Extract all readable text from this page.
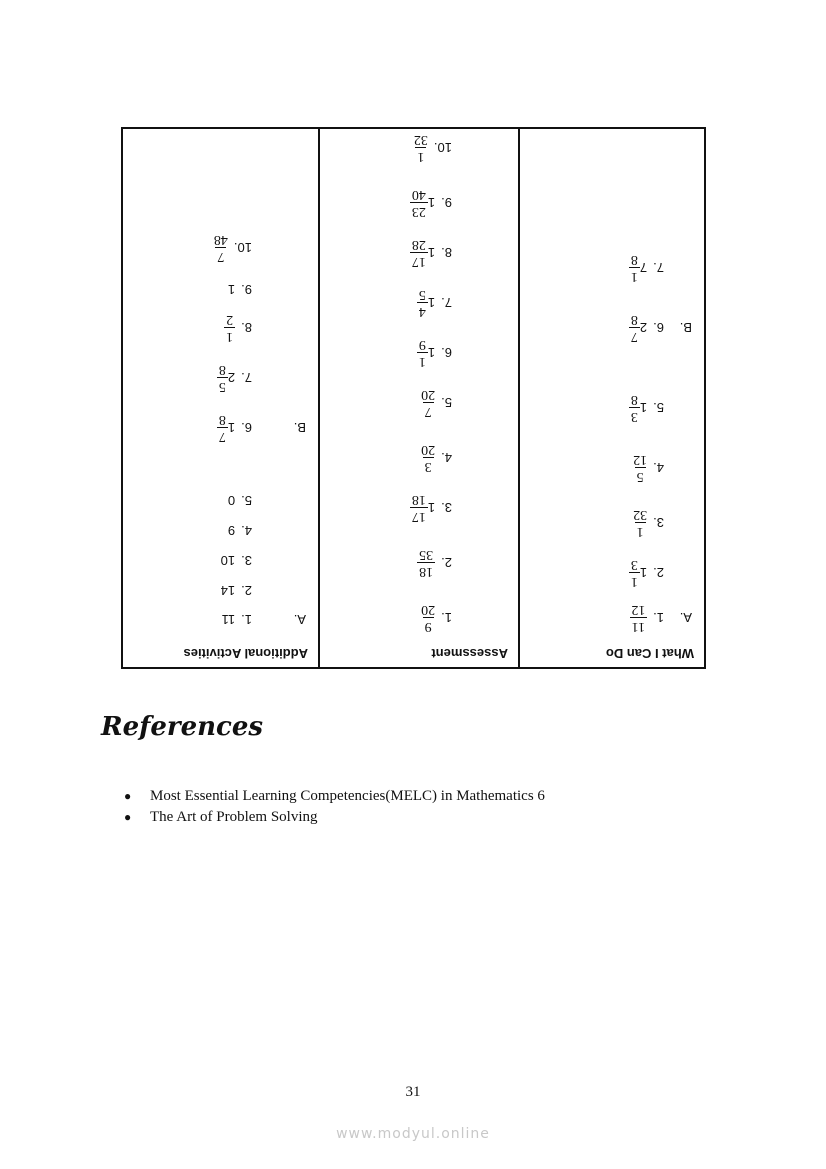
What I Can Do
A.
B.
1.
11
12
2.
1
1
3
3.
1
32
4.
5
12
5.
1
3
8
6.
2
7
8
7.
7
1
8
Assessment
1.
9
20
2.
18
35
3.
1
17
18
4.
3
20
5.
7
20
6.
1
1
9
7.
1
4
5
8.
1
17
28
9.
1
23
40
10.
1
32
Additional Activities
A.
B.
1.
11
2.
14
3.
10
4.
9
5.
0
6.
1
7
8
7.
2
5
8
8.
1
2
9.
1
10.
7
48
References
●	Most Essential Learning Competencies(MELC) in Mathematics 6
●	The Art of Problem Solving
31
www.modyul.online
